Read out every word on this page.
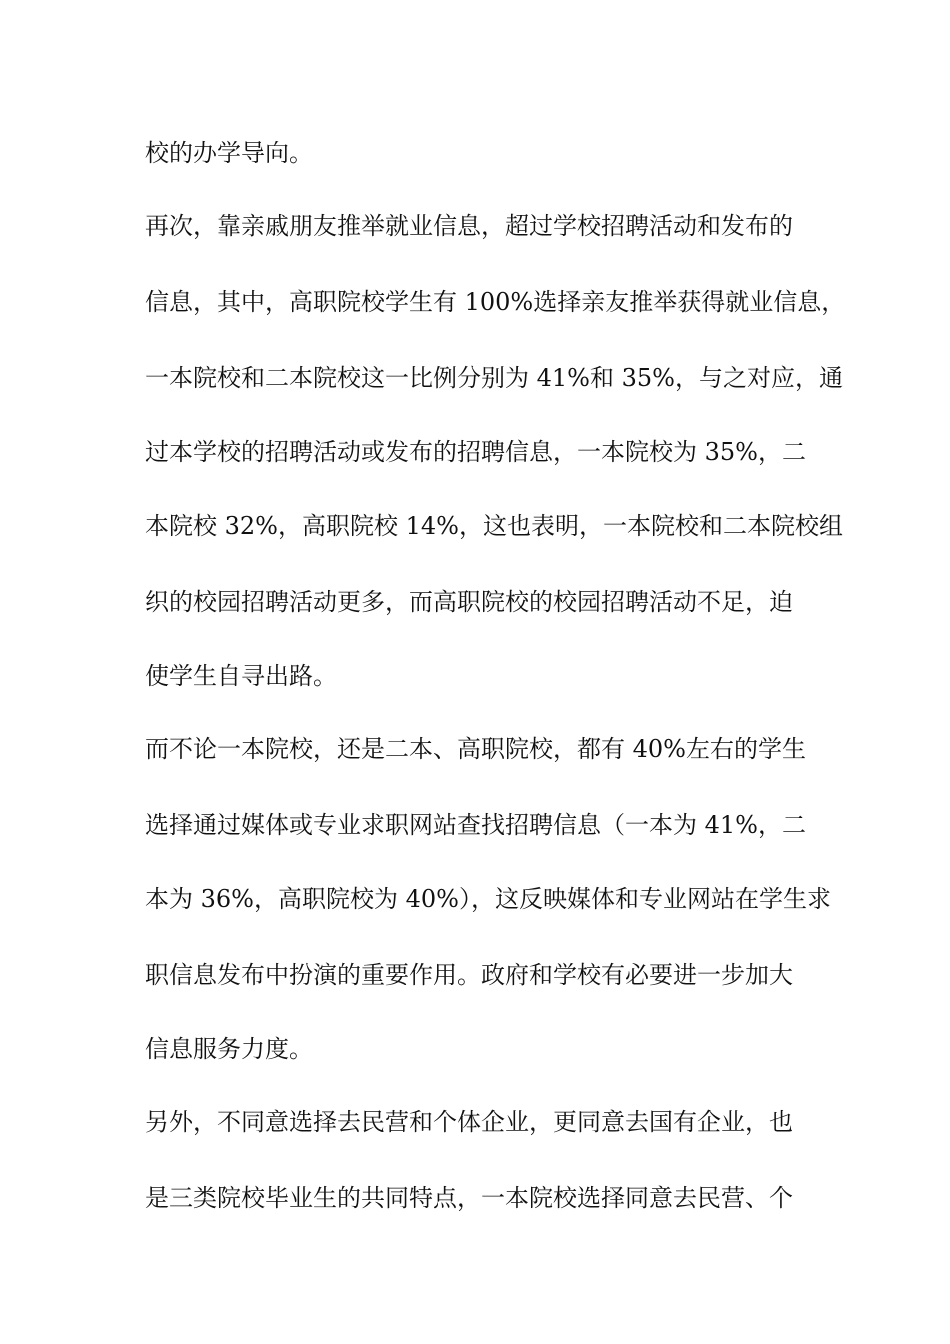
校的办学导向。
再次，靠亲戚朋友推举就业信息，超过学校招聘活动和发布的
信息，其中，高职院校学生有 100%选择亲友推举获得就业信息，
一本院校和二本院校这一比例分别为 41%和 35%，与之对应，通
过本学校的招聘活动或发布的招聘信息，一本院校为 35%，二
本院校 32%，高职院校 14%，这也表明，一本院校和二本院校组
织的校园招聘活动更多，而高职院校的校园招聘活动不足，迫
使学生自寻出路。
而不论一本院校，还是二本、高职院校，都有 40%左右的学生
选择通过媒体或专业求职网站查找招聘信息（一本为 41%，二
本为 36%，高职院校为 40%），这反映媒体和专业网站在学生求
职信息发布中扮演的重要作用。政府和学校有必要进一步加大
信息服务力度。
另外，不同意选择去民营和个体企业，更同意去国有企业，也
是三类院校毕业生的共同特点，一本院校选择同意去民营、个
